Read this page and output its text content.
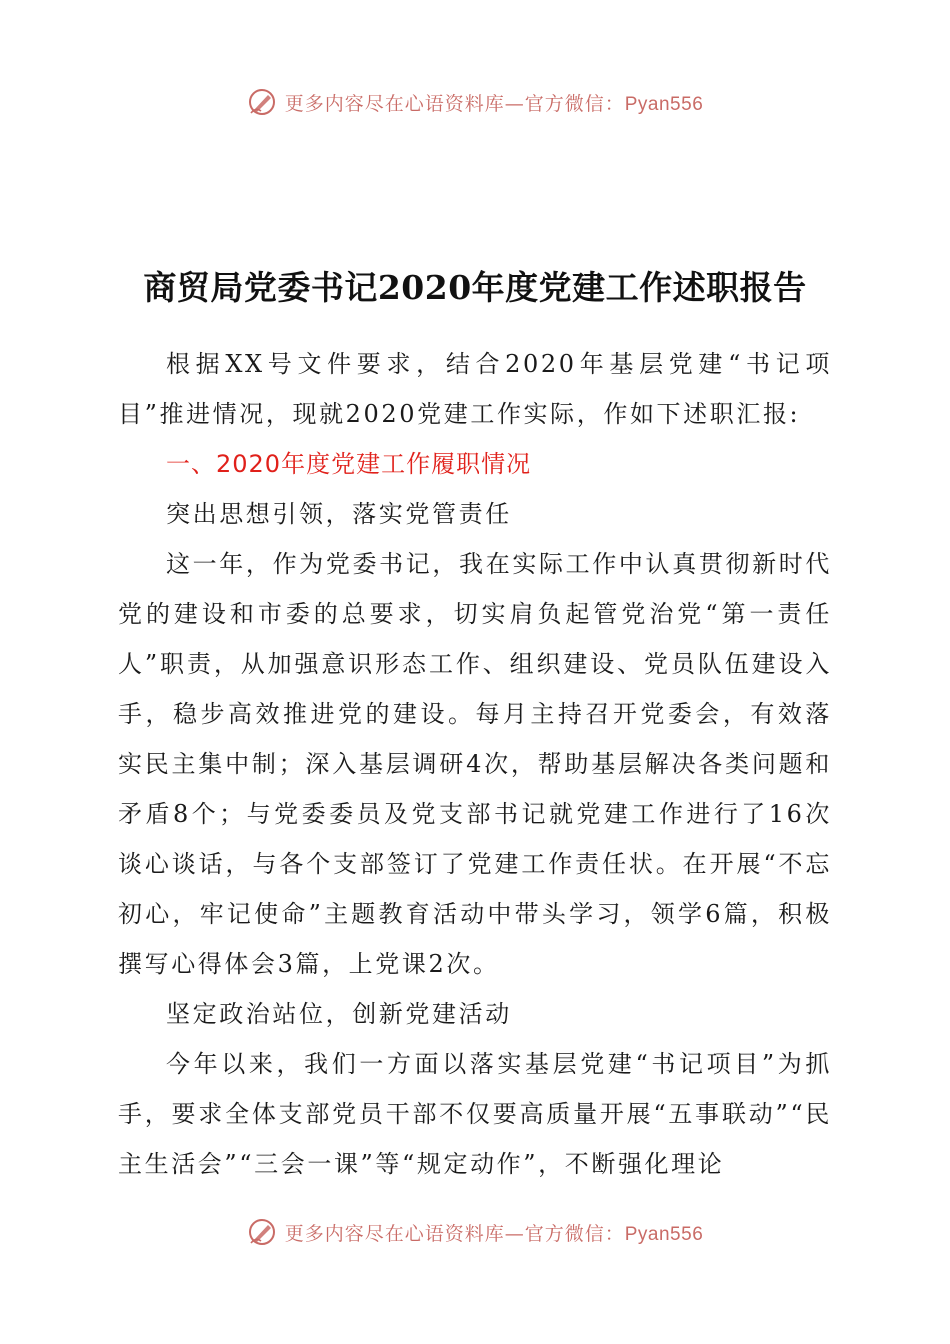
更多内容尽在心语资料库—官方微信：Pyan556
商贸局党委书记2020年度党建工作述职报告

根据XX号文件要求，结合2020年基层党建“书记项目”推进情况，现就2020党建工作实际，作如下述职汇报:

一、2020年度党建工作履职情况

突出思想引领，落实党管责任

这一年，作为党委书记，我在实际工作中认真贯彻新时代党的建设和市委的总要求，切实肩负起管党治党“第一责任人”职责，从加强意识形态工作、组织建设、党员队伍建设入手，稳步高效推进党的建设。每月主持召开党委会，有效落实民主集中制；深入基层调研4次，帮助基层解决各类问题和矛盾8个；与党委委员及党支部书记就党建工作进行了16次谈心谈话，与各个支部签订了党建工作责任状。在开展“不忘初心，牢记使命”主题教育活动中带头学习，领学6篇，积极撰写心得体会3篇，上党课2次。

坚定政治站位，创新党建活动

今年以来，我们一方面以落实基层党建“书记项目”为抓手，要求全体支部党员干部不仅要高质量开展“五事联动”“民主生活会”“三会一课”等“规定动作”，不断强化理论

更多内容尽在心语资料库—官方微信：Pyan556
